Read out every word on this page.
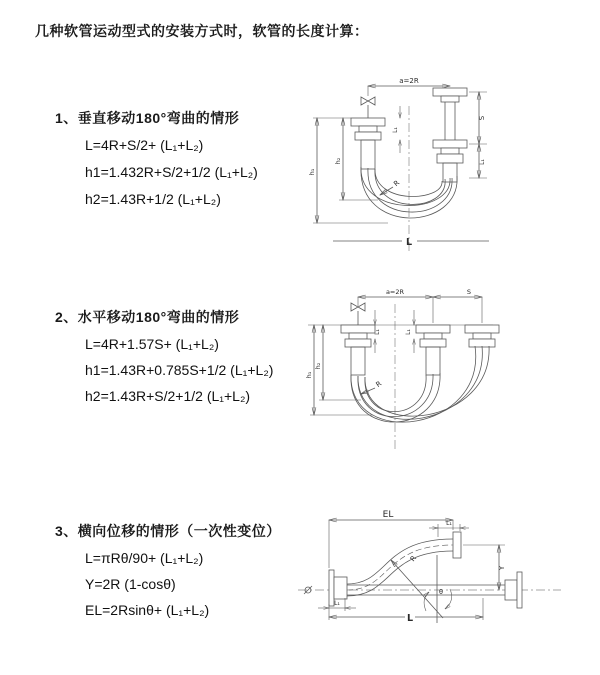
几种软管运动型式的安装方式时，软管的长度计算：
1、垂直移动180°弯曲的情形
L=4R+S/2+ (L₁+L₂)
h1=1.432R+S/2+1/2 (L₁+L₂)
h2=1.43R+1/2 (L₁+L₂)
2、水平移动180°弯曲的情形
L=4R+1.57S+ (L₁+L₂)
h1=1.43R+0.785S+1/2 (L₁+L₂)
h2=1.43R+S/2+1/2 (L₁+L₂)
3、横向位移的情形（一次性变位）
L=πRθ/90+ (L₁+L₂)
Y=2R (1-cosθ)
EL=2Rsinθ+ (L₁+L₂)
a=2R
L₁
S
L₁
h₁
h₂
R
L
a=2R	S
L₁	L₁
h₁
h₂
R
EL
L₁
Y
θ
R
L₁
L
